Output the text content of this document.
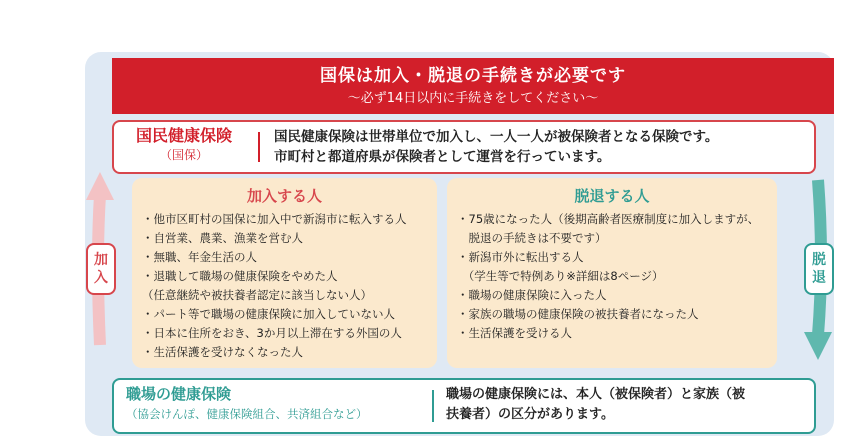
国保は加入・脱退の手続きが必要です
～必ず14日以内に手続きをしてください～
国民健康保険
（国保）
国民健康保険は世帯単位で加入し、一人一人が被保険者となる保険です。
市町村と都道府県が保険者として運営を行っています。
加入する人
・他市区町村の国保に加入中で新潟市に転入する人
・自営業、農業、漁業を営む人
・無職、年金生活の人
・退職して職場の健康保険をやめた人
（任意継続や被扶養者認定に該当しない人）
・パート等で職場の健康保険に加入していない人
・日本に住所をおき、3か月以上滞在する外国の人
・生活保護を受けなくなった人
脱退する人
・75歳になった人（後期高齢者医療制度に加入しますが、
　脱退の手続きは不要です）
・新潟市外に転出する人
　（学生等で特例あり※詳細は8ページ）
・職場の健康保険に入った人
・家族の職場の健康保険の被扶養者になった人
・生活保護を受ける人
加
入
脱
退
職場の健康保険
（協会けんぽ、健康保険組合、共済組合など）
職場の健康保険には、本人（被保険者）と家族（被
扶養者）の区分があります。
